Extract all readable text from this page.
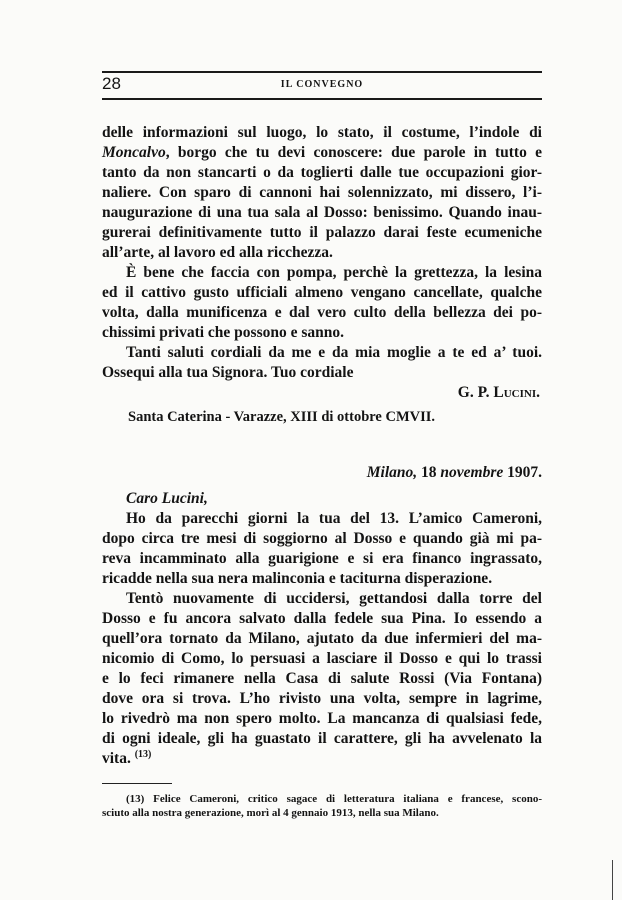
28	IL CONVEGNO
delle informazioni sul luogo, lo stato, il costume, l’indole di
Moncalvo, borgo che tu devi conoscere: due parole in tutto e
tanto da non stancarti o da toglierti dalle tue occupazioni gior-
naliere. Con sparo di cannoni hai solennizzato, mi dissero, l’i-
naugurazione di una tua sala al Dosso: benissimo. Quando inau-
gurerai definitivamente tutto il palazzo darai feste ecumeniche
all’arte, al lavoro ed alla ricchezza.
È bene che faccia con pompa, perchè la grettezza, la lesina
ed il cattivo gusto ufficiali almeno vengano cancellate, qualche
volta, dalla munificenza e dal vero culto della bellezza dei po-
chissimi privati che possono e sanno.
Tanti saluti cordiali da me e da mia moglie a te ed a’ tuoi.
Ossequi alla tua Signora. Tuo cordiale
G. P. Lucini.
Santa Caterina - Varazze, XIII di ottobre CMVII.
Milano, 18 novembre 1907.
Caro Lucini,
Ho da parecchi giorni la tua del 13. L’amico Cameroni,
dopo circa tre mesi di soggiorno al Dosso e quando già mi pa-
reva incamminato alla guarigione e si era financo ingrassato,
ricadde nella sua nera malinconia e taciturna disperazione.
Tentò nuovamente di uccidersi, gettandosi dalla torre del
Dosso e fu ancora salvato dalla fedele sua Pina. Io essendo a
quell’ora tornato da Milano, ajutato da due infermieri del ma-
nicomio di Como, lo persuasi a lasciare il Dosso e qui lo trassi
e lo feci rimanere nella Casa di salute Rossi (Via Fontana)
dove ora si trova. L’ho rivisto una volta, sempre in lagrime,
lo rivedrò ma non spero molto. La mancanza di qualsiasi fede,
di ogni ideale, gli ha guastato il carattere, gli ha avvelenato la
vita. $^{(13)}$
(13) Felice Cameroni, critico sagace di letteratura italiana e francese, scono-
sciuto alla nostra generazione, morì al 4 gennaio 1913, nella sua Milano.
